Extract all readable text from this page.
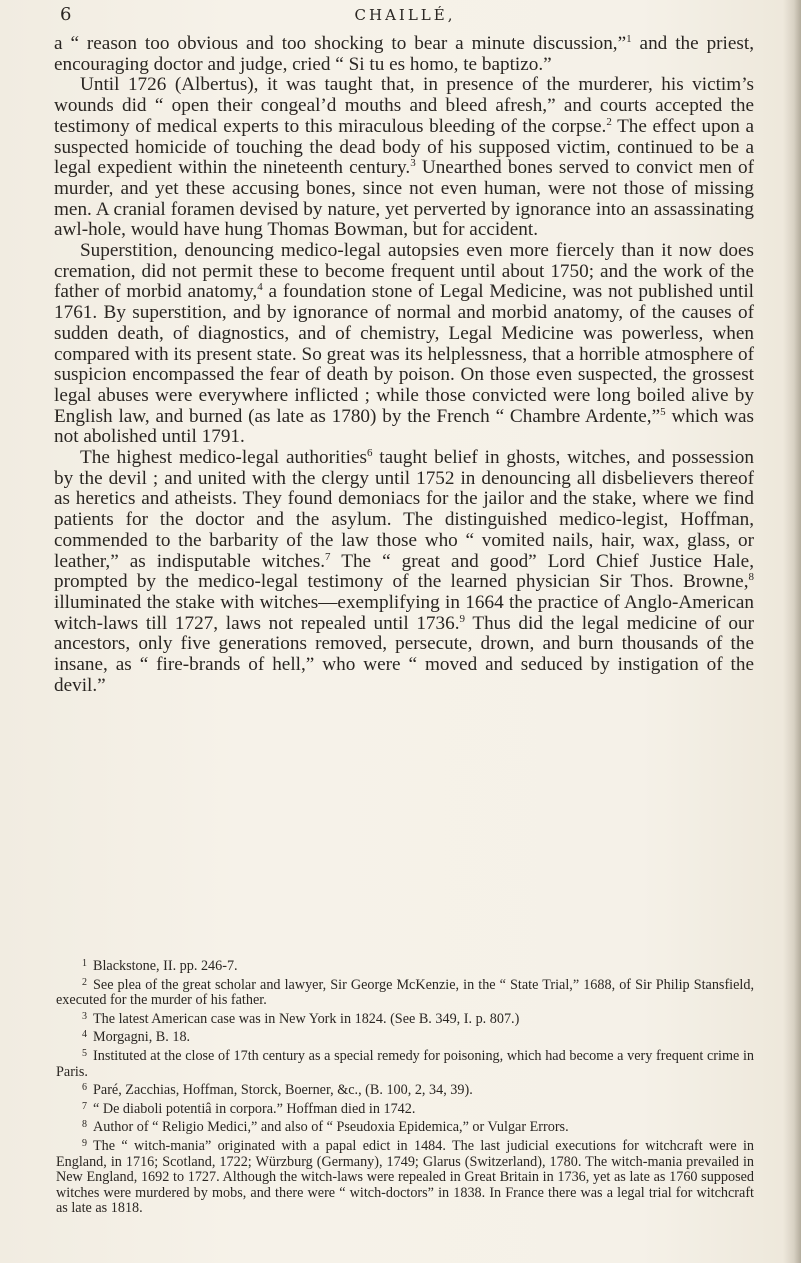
6	CHAILLÉ,

a “ reason too obvious and too shocking to bear a minute discussion,”$^1$ and the priest, encouraging doctor and judge, cried “ Si tu es homo, te baptizo.”

Until 1726 (Albertus), it was taught that, in presence of the murderer, his victim’s wounds did “ open their congeal’d mouths and bleed afresh,” and courts accepted the testimony of medical experts to this miraculous bleeding of the corpse.$^2$ The effect upon a suspected homicide of touching the dead body of his supposed victim, continued to be a legal expedient within the nineteenth century.$^3$ Unearthed bones served to convict men of murder, and yet these accusing bones, since not even human, were not those of missing men. A cranial foramen devised by nature, yet perverted by ignorance into an assassinating awl-hole, would have hung Thomas Bowman, but for accident.

Superstition, denouncing medico-legal autopsies even more fiercely than it now does cremation, did not permit these to become frequent until about 1750; and the work of the father of morbid anatomy,$^4$ a foundation stone of Legal Medicine, was not published until 1761. By superstition, and by ignorance of normal and morbid anatomy, of the causes of sudden death, of diagnostics, and of chemistry, Legal Medicine was powerless, when compared with its present state. So great was its helplessness, that a horrible atmosphere of suspicion encompassed the fear of death by poison. On those even suspected, the grossest legal abuses were everywhere inflicted ; while those convicted were long boiled alive by English law, and burned (as late as 1780) by the French “ Chambre Ardente,”$^5$ which was not abolished until 1791.

The highest medico-legal authorities$^6$ taught belief in ghosts, witches, and possession by the devil ; and united with the clergy until 1752 in denouncing all disbelievers thereof as heretics and atheists. They found demoniacs for the jailor and the stake, where we find patients for the doctor and the asylum. The distinguished medico-legist, Hoffman, commended to the barbarity of the law those who “ vomited nails, hair, wax, glass, or leather,” as indisputable witches.$^7$ The “ great and good” Lord Chief Justice Hale, prompted by the medico-legal testimony of the learned physician Sir Thos. Browne,$^8$ illuminated the stake with witches—exemplifying in 1664 the practice of Anglo-American witch-laws till 1727, laws not repealed until 1736.$^9$ Thus did the legal medicine of our ancestors, only five generations removed, persecute, drown, and burn thousands of the insane, as “ fire-brands of hell,” who were “ moved and seduced by instigation of the devil.”

$^1$ Blackstone, II. pp. 246-7.

$^2$ See plea of the great scholar and lawyer, Sir George McKenzie, in the “ State Trial,” 1688, of Sir Philip Stansfield, executed for the murder of his father.

$^3$ The latest American case was in New York in 1824. (See B. 349, I. p. 807.)

$^4$ Morgagni, B. 18.

$^5$ Instituted at the close of 17th century as a special remedy for poisoning, which had become a very frequent crime in Paris.

$^6$ Paré, Zacchias, Hoffman, Storck, Boerner, &c., (B. 100, 2, 34, 39).

$^7$ “ De diaboli potentiâ in corpora.” Hoffman died in 1742.

$^8$ Author of “ Religio Medici,” and also of “ Pseudoxia Epidemica,” or Vulgar Errors.

$^9$ The “ witch-mania” originated with a papal edict in 1484. The last judicial executions for witchcraft were in England, in 1716; Scotland, 1722; Würzburg (Germany), 1749; Glarus (Switzerland), 1780. The witch-mania prevailed in New England, 1692 to 1727. Although the witch-laws were repealed in Great Britain in 1736, yet as late as 1760 supposed witches were murdered by mobs, and there were “ witch-doctors” in 1838. In France there was a legal trial for witchcraft as late as 1818.
